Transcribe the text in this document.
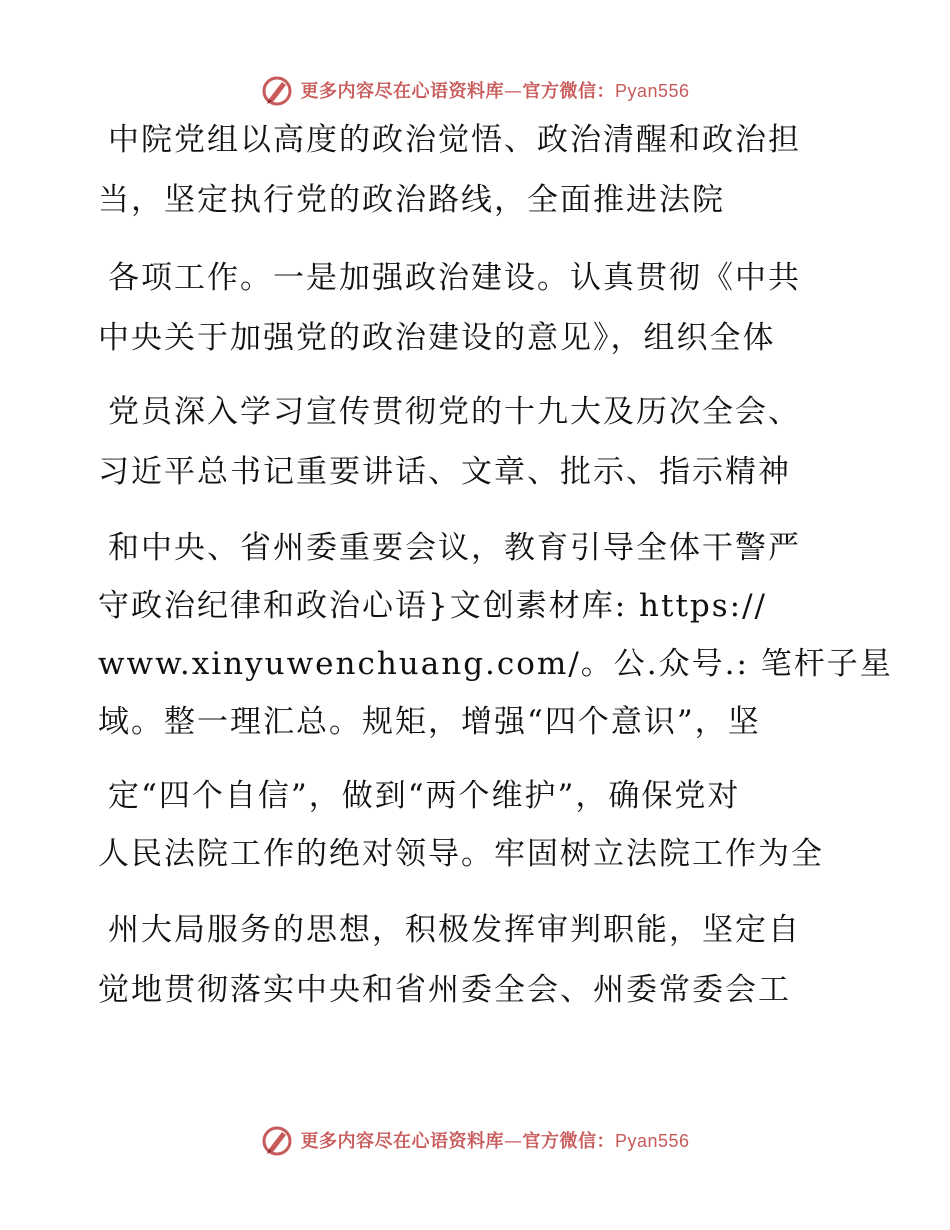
更多内容尽在心语资料库—官方微信：Pyan556
中院党组以高度的政治觉悟、政治清醒和政治担
当，坚定执行党的政治路线，全面推进法院
各项工作。一是加强政治建设。认真贯彻《中共
中央关于加强党的政治建设的意见》，组织全体
党员深入学习宣传贯彻党的十九大及历次全会、
习近平总书记重要讲话、文章、批示、指示精神
和中央、省州委重要会议，教育引导全体干警严
守政治纪律和政治心语}文创素材库: https://
www.xinyuwenchuang.com/。公.众号.: 笔杆子星
域。整一理汇总。规矩，增强“四个意识”，坚
定“四个自信”，做到“两个维护”，确保党对
人民法院工作的绝对领导。牢固树立法院工作为全
州大局服务的思想，积极发挥审判职能，坚定自
觉地贯彻落实中央和省州委全会、州委常委会工
更多内容尽在心语资料库—官方微信：Pyan556
